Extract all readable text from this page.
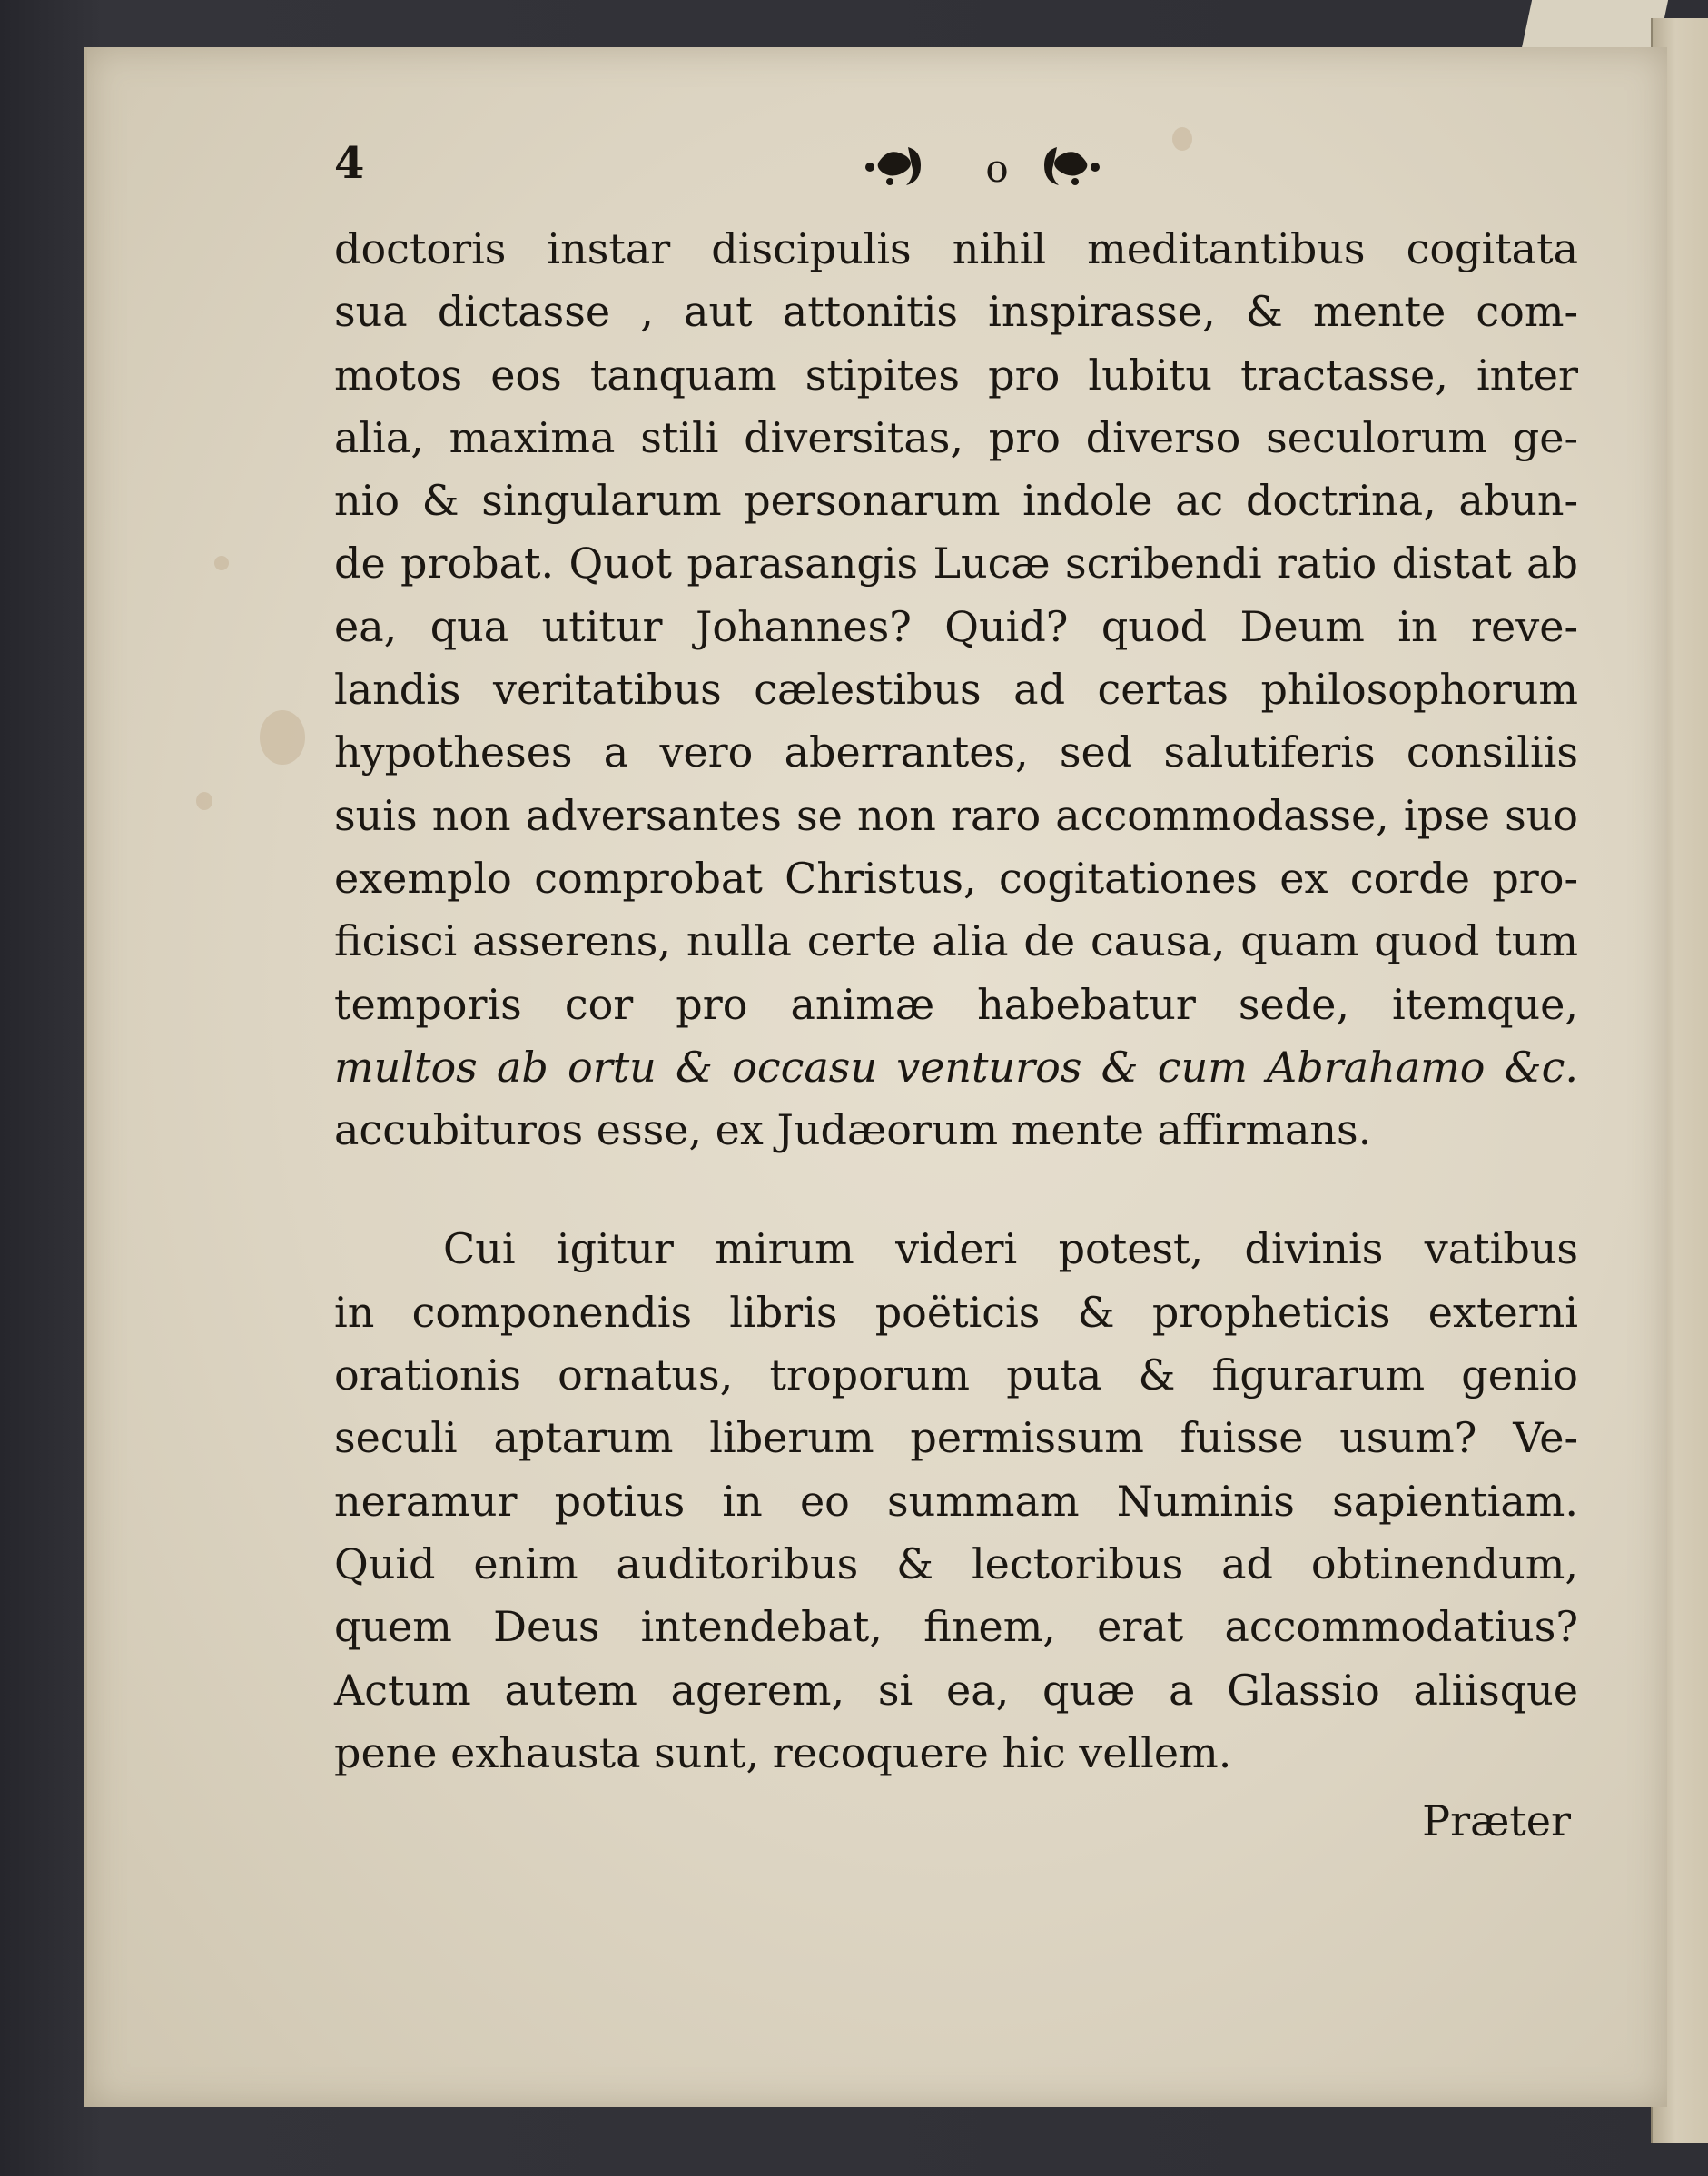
4	o
doctoris instar discipulis nihil meditantibus cogitata
sua dictasse , aut attonitis inspirasse, & mente com-
motos eos tanquam stipites pro lubitu tractasse, inter
alia, maxima stili diversitas, pro diverso seculorum ge-
nio & singularum personarum indole ac doctrina, abun-
de probat. Quot parasangis Lucæ scribendi ratio distat ab
ea, qua utitur Johannes? Quid? quod Deum in reve-
landis veritatibus cælestibus ad certas philosophorum
hypotheses a vero aberrantes, sed salutiferis consiliis
suis non adversantes se non raro accommodasse, ipse suo
exemplo comprobat Christus, cogitationes ex corde pro-
ficisci asserens, nulla certe alia de causa, quam quod tum
temporis cor pro animæ habebatur sede, itemque,
multos ab ortu & occasu venturos & cum Abrahamo &c.
accubituros esse, ex Judæorum mente affirmans.
Cui igitur mirum videri potest, divinis vatibus
in componendis libris poëticis & propheticis externi
orationis ornatus, troporum puta & figurarum genio
seculi aptarum liberum permissum fuisse usum? Ve-
neramur potius in eo summam Numinis sapientiam.
Quid enim auditoribus & lectoribus ad obtinendum,
quem Deus intendebat, finem, erat accommodatius?
Actum autem agerem, si ea, quæ a Glassio aliisque
pene exhausta sunt, recoquere hic vellem.
Præter
